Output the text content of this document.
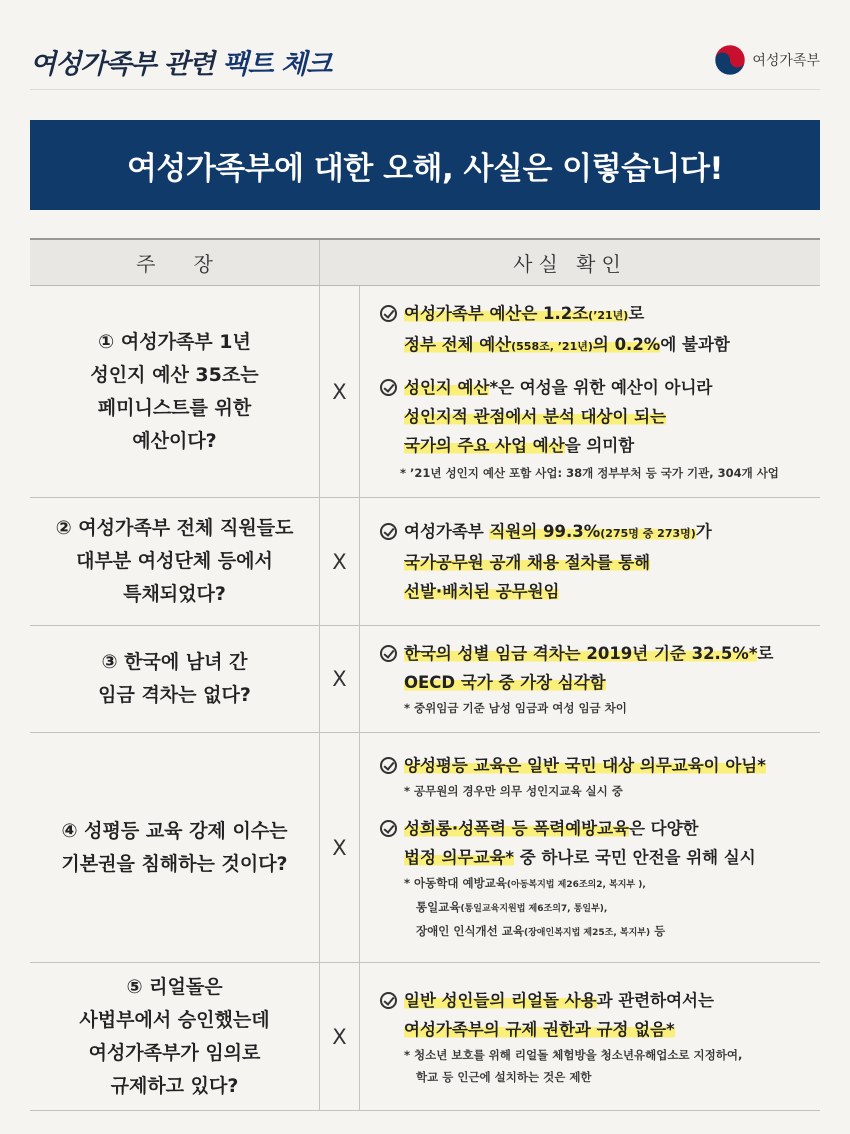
여성가족부 관련 팩트 체크	여성가족부
여성가족부에 대한 오해, 사실은 이렇습니다!
주장	사실 확인
① 여성가족부 1년
성인지 예산 35조는
페미니스트를 위한
예산이다?
X
여성가족부 예산은 1.2조(’21년)로
정부 전체 예산(558조, ’21년)의 0.2%에 불과함
성인지 예산*은 여성을 위한 예산이 아니라
성인지적 관점에서 분석 대상이 되는
국가의 주요 사업 예산을 의미함
* ’21년 성인지 예산 포함 사업: 38개 정부부처 등 국가 기관, 304개 사업
② 여성가족부 전체 직원들도
대부분 여성단체 등에서
특채되었다?
X
여성가족부 직원의 99.3%(275명 중 273명)가
국가공무원 공개 채용 절차를 통해
선발·배치된 공무원임
③ 한국에 남녀 간
임금 격차는 없다?
X
한국의 성별 임금 격차는 2019년 기준 32.5%*로
OECD 국가 중 가장 심각함
* 중위임금 기준 남성 임금과 여성 임금 차이
④ 성평등 교육 강제 이수는
기본권을 침해하는 것이다?
X
양성평등 교육은 일반 국민 대상 의무교육이 아님*
* 공무원의 경우만 의무 성인지교육 실시 중
성희롱·성폭력 등 폭력예방교육은 다양한
법정 의무교육* 중 하나로 국민 안전을 위해 실시
* 아동학대 예방교육(아동복지법 제26조의2, 복지부 ),
통일교육(통일교육지원법 제6조의7, 통일부),
장애인 인식개선 교육(장애인복지법 제25조, 복지부) 등
⑤ 리얼돌은
사법부에서 승인했는데
여성가족부가 임의로
규제하고 있다?
X
일반 성인들의 리얼돌 사용과 관련하여서는
여성가족부의 규제 권한과 규정 없음*
* 청소년 보호를 위해 리얼돌 체험방을 청소년유해업소로 지정하여,
학교 등 인근에 설치하는 것은 제한
